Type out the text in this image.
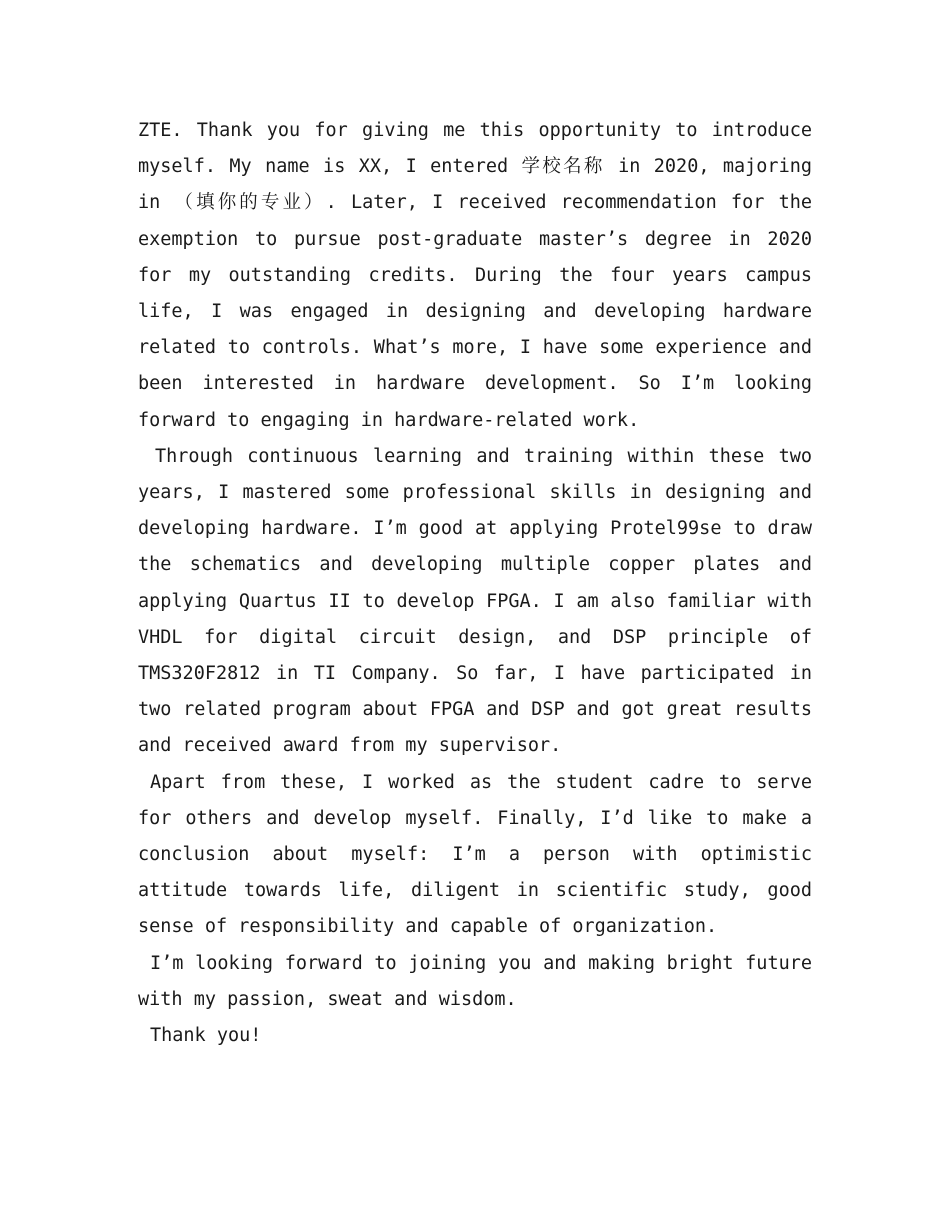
ZTE. Thank you for giving me this opportunity to introduce myself. My name is XX, I entered 学校名称 in 2020, majoring in （填你的专业）. Later, I received recommendation for the exemption to pursue post-graduate master’s degree in 2020 for my outstanding credits. During the four years campus life, I was engaged in designing and developing hardware related to controls. What’s more, I have some experience and been interested in hardware development. So I’m looking forward to engaging in hardware-related work.

Through continuous learning and training within these two years, I mastered some professional skills in designing and developing hardware. I’m good at applying Protel99se to draw the schematics and developing multiple copper plates and applying Quartus II to develop FPGA. I am also familiar with VHDL for digital circuit design, and DSP principle of TMS320F2812 in TI Company. So far, I have participated in two related program about FPGA and DSP and got great results and received award from my supervisor.

Apart from these, I worked as the student cadre to serve for others and develop myself. Finally, I’d like to make a conclusion about myself: I’m a person with optimistic attitude towards life, diligent in scientific study, good sense of responsibility and capable of organization.

I’m looking forward to joining you and making bright future with my passion, sweat and wisdom.

Thank you!
